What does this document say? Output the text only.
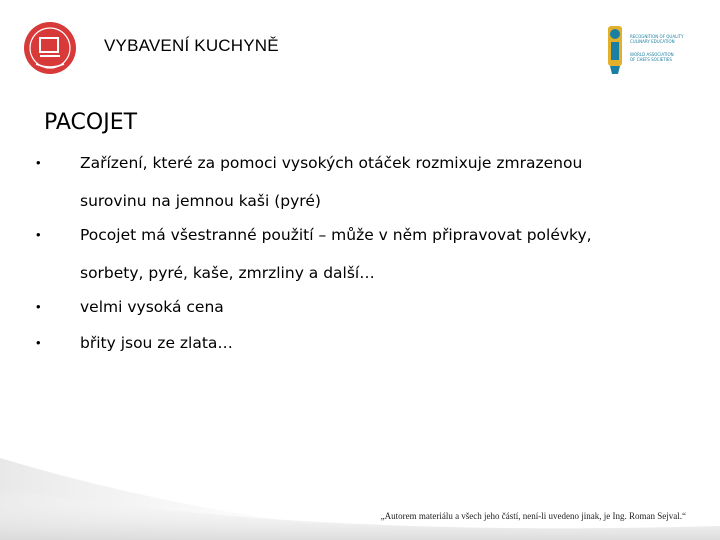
VYBAVENÍ KUCHYNĚ	RECOGNITION OF QUALITY
CULINARY EDUCATION
WORLD ASSOCIATION
OF CHEFS SOCIETIES
PACOJET
•	Zařízení, které za pomoci vysokých otáček rozmixuje zmrazenou
surovinu na jemnou kaši (pyré)
•	Pocojet má všestranné použití – může v něm připravovat polévky,
sorbety, pyré, kaše, zmrzliny a další…
•	velmi vysoká cena
•	břity jsou ze zlata…
„Autorem materiálu a všech jeho částí, není-li uvedeno jinak, je Ing. Roman Sejval.“
